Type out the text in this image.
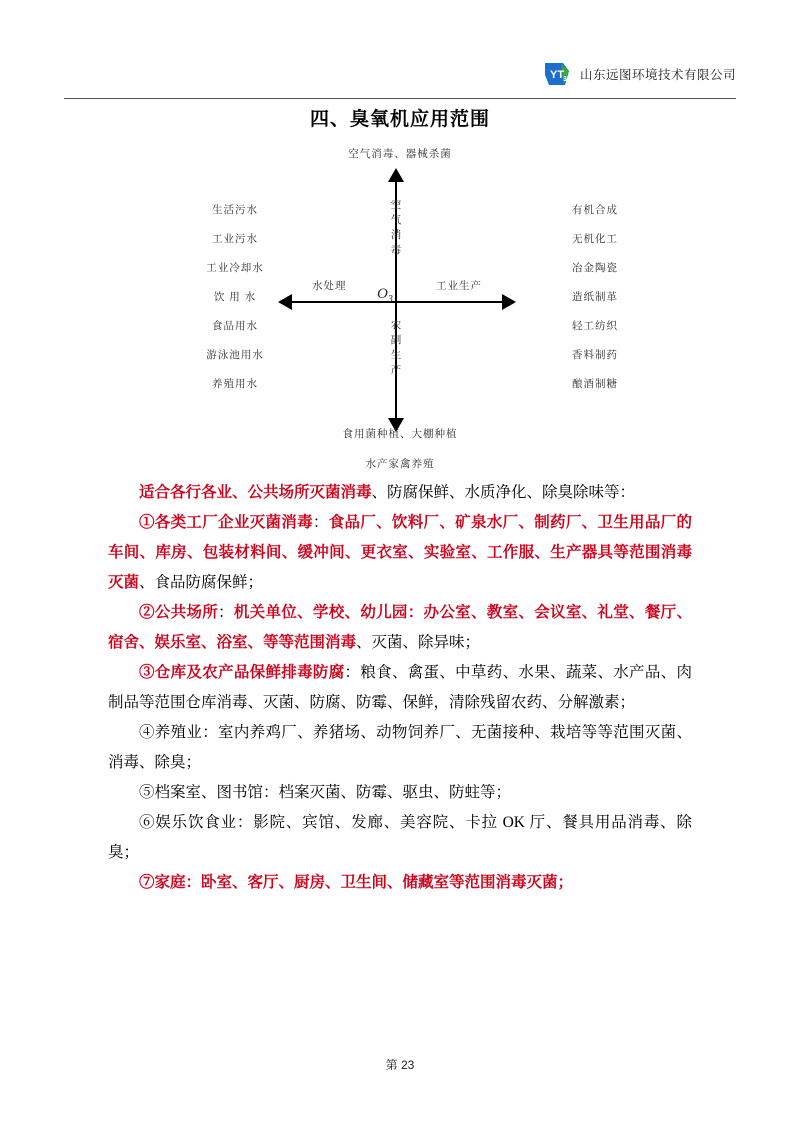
YT
3 山东远图环境技术有限公司
四、臭氧机应用范围
空气消毒、器械杀菌
生活污水
工业污水
工业冷却水
饮 用 水
食品用水
游泳池用水
养殖用水
有机合成
无机化工
冶金陶瓷
造纸制革
轻工纺织
香料制药
酿酒制糖
$O_3$
空气消毒
农副生产
水处理	工业生产
食用菌种植、大棚种植
水产家禽养殖

适合各行各业、公共场所灭菌消毒、防腐保鲜、水质净化、除臭除味等：

①各类工厂企业灭菌消毒：食品厂、饮料厂、矿泉水厂、制药厂、卫生用品厂的车间、库房、包装材料间、缓冲间、更衣室、实验室、工作服、生产器具等范围消毒灭菌、食品防腐保鲜；

②公共场所：机关单位、学校、幼儿园：办公室、教室、会议室、礼堂、餐厅、宿舍、娱乐室、浴室、等等范围消毒、灭菌、除异味；

③仓库及农产品保鲜排毒防腐：粮食、禽蛋、中草药、水果、蔬菜、水产品、肉制品等范围仓库消毒、灭菌、防腐、防霉、保鲜，清除残留农药、分解激素；

④养殖业：室内养鸡厂、养猪场、动物饲养厂、无菌接种、栽培等等范围灭菌、消毒、除臭；

⑤档案室、图书馆：档案灭菌、防霉、驱虫、防蛀等；

⑥娱乐饮食业：影院、宾馆、发廊、美容院、卡拉 OK 厅、餐具用品消毒、除臭；

⑦家庭：卧室、客厅、厨房、卫生间、储藏室等范围消毒灭菌；

第 23
